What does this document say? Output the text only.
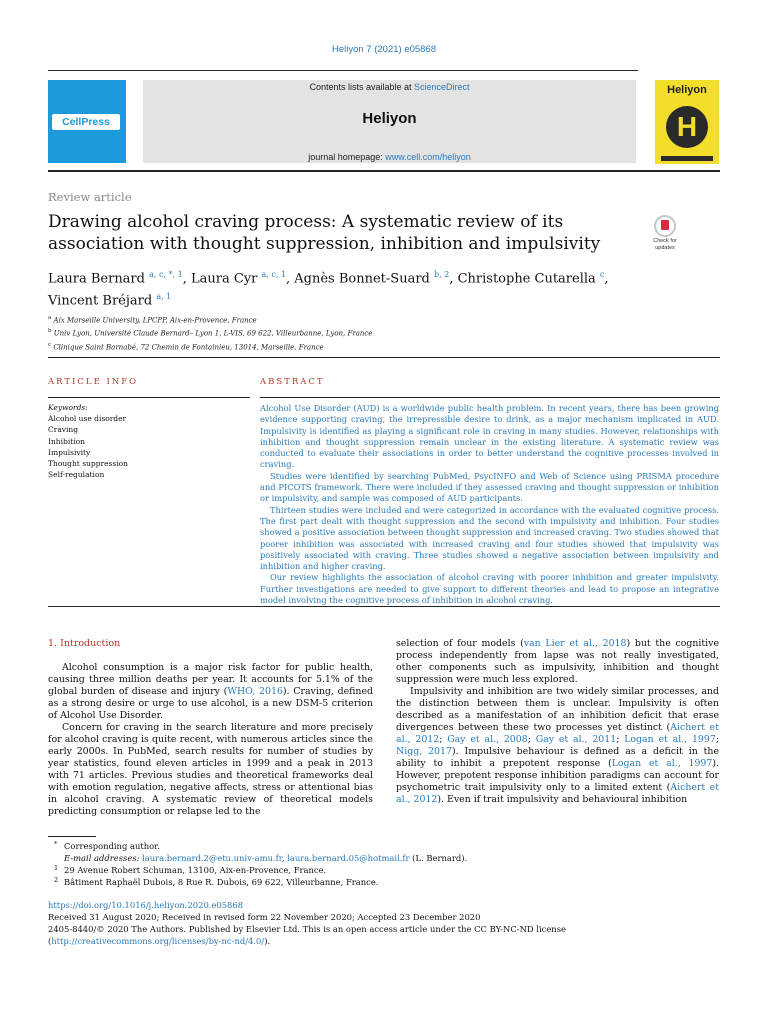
Heliyon 7 (2021) e05868
CellPress
Contents lists available at ScienceDirect
Heliyon
journal homepage: www.cell.com/heliyon
Heliyon
H
Review article
Drawing alcohol craving process: A systematic review of its association with thought suppression, inhibition and impulsivity	Check for updates
Laura Bernard $^{a, c, *, 1}$, Laura Cyr $^{a, c, 1}$, Agnès Bonnet-Suard $^{b, 2}$, Christophe Cutarella $^c$,
Vincent Bréjard $^{a, 1}$
$^a$ Aix Marseille University, LPCPP, Aix-en-Provence, France
$^b$ Univ Lyon, Université Claude Bernard– Lyon 1, L-VIS, 69 622, Villeurbanne, Lyon, France
$^c$ Clinique Saint Barnabé, 72 Chemin de Fontainieu, 13014, Marseille, France
ARTICLE INFO	ABSTRACT
Keywords:
Alcohol use disorder
Craving
Inhibition
Impulsivity
Thought suppression
Self-regulation

Alcohol Use Disorder (AUD) is a worldwide public health problem. In recent years, there has been growing evidence supporting craving, the irrepressible desire to drink, as a major mechanism implicated in AUD. Impulsivity is identified as playing a significant role in craving in many studies. However, relationships with inhibition and thought suppression remain unclear in the existing literature. A systematic review was conducted to evaluate their associations in order to better understand the cognitive processes involved in craving.

Studies were identified by searching PubMed, PsycINFO and Web of Science using PRISMA procedure and PICOTS framework. There were included if they assessed craving and thought suppression or inhibition or impulsivity, and sample was composed of AUD participants.

Thirteen studies were included and were categorized in accordance with the evaluated cognitive process. The first part dealt with thought suppression and the second with impulsivity and inhibition. Four studies showed a positive association between thought suppression and increased craving. Two studies showed that poorer inhibition was associated with increased craving and four studies showed that impulsivity was positively associated with craving. Three studies showed a negative association between impulsivity and inhibition and higher craving.

Our review highlights the association of alcohol craving with poorer inhibition and greater impulsivity. Further investigations are needed to give support to different theories and lead to propose an integrative model involving the cognitive process of inhibition in alcohol craving.

1. Introduction

Alcohol consumption is a major risk factor for public health, causing three million deaths per year. It accounts for 5.1% of the global burden of disease and injury (WHO, 2016). Craving, defined as a strong desire or urge to use alcohol, is a new DSM-5 criterion of Alcohol Use Disorder.

Concern for craving in the search literature and more precisely for alcohol craving is quite recent, with numerous articles since the early 2000s. In PubMed, search results for number of studies by year statistics, found eleven articles in 1999 and a peak in 2013 with 71 articles. Previous studies and theoretical frameworks deal with emotion regulation, negative affects, stress or attentional bias in alcohol craving. A systematic review of theoretical models predicting consumption or relapse led to the

selection of four models (van Lier et al., 2018) but the cognitive process independently from lapse was not really investigated, other components such as impulsivity, inhibition and thought suppression were much less explored.

Impulsivity and inhibition are two widely similar processes, and the distinction between them is unclear. Impulsivity is often described as a manifestation of an inhibition deficit that erase divergences between these two processes yet distinct (Aichert et al., 2012; Gay et al., 2008; Gay et al., 2011; Logan et al., 1997; Nigg, 2017). Impulsive behaviour is defined as a deficit in the ability to inhibit a prepotent response (Logan et al., 1997). However, prepotent response inhibition paradigms can account for psychometric trait impulsivity only to a limited extent (Aichert et al., 2012). Even if trait impulsivity and behavioural inhibition

* Corresponding author.

E-mail addresses: laura.bernard.2@etu.univ-amu.fr, laura.bernard.05@hotmail.fr (L. Bernard).

1 29 Avenue Robert Schuman, 13100, Aix-en-Provence, France.

2 Bâtiment Raphaël Dubois, 8 Rue R. Dubois, 69 622, Villeurbanne, France.

https://doi.org/10.1016/j.heliyon.2020.e05868

Received 31 August 2020; Received in revised form 22 November 2020; Accepted 23 December 2020

2405-8440/© 2020 The Authors. Published by Elsevier Ltd. This is an open access article under the CC BY-NC-ND license (http://creativecommons.org/licenses/by-nc-nd/4.0/).
